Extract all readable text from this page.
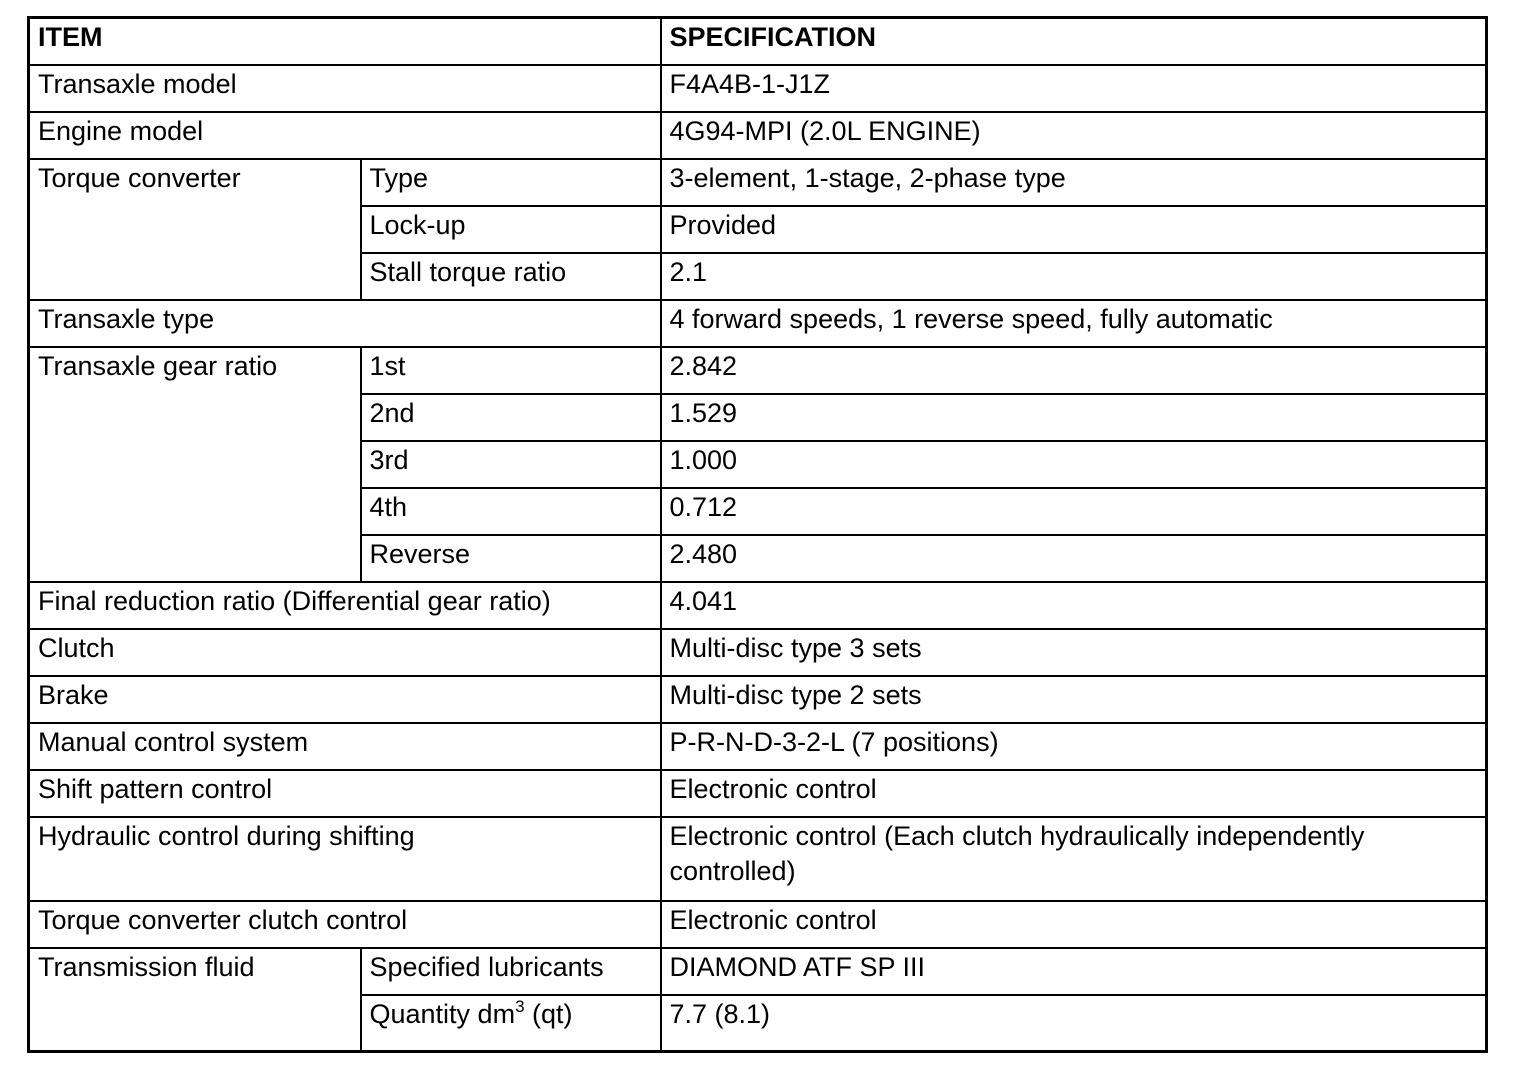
ITEM		SPECIFICATION
Transaxle model		F4A4B-1-J1Z
Engine model		4G94-MPI (2.0L ENGINE)
Torque converter	Type	3-element, 1-stage, 2-phase type
	Lock-up	Provided
	Stall torque ratio	2.1
Transaxle type		4 forward speeds, 1 reverse speed, fully automatic
Transaxle gear ratio	1st	2.842
	2nd	1.529
	3rd	1.000
	4th	0.712
	Reverse	2.480
Final reduction ratio (Differential gear ratio)		4.041
Clutch		Multi-disc type 3 sets
Brake		Multi-disc type 2 sets
Manual control system		P-R-N-D-3-2-L (7 positions)
Shift pattern control		Electronic control
Hydraulic control during shifting		Electronic control (Each clutch hydraulically independently controlled)
Torque converter clutch control		Electronic control
Transmission fluid	Specified lubricants	DIAMOND ATF SP III
	Quantity $dm^3$ (qt)	7.7 (8.1)
